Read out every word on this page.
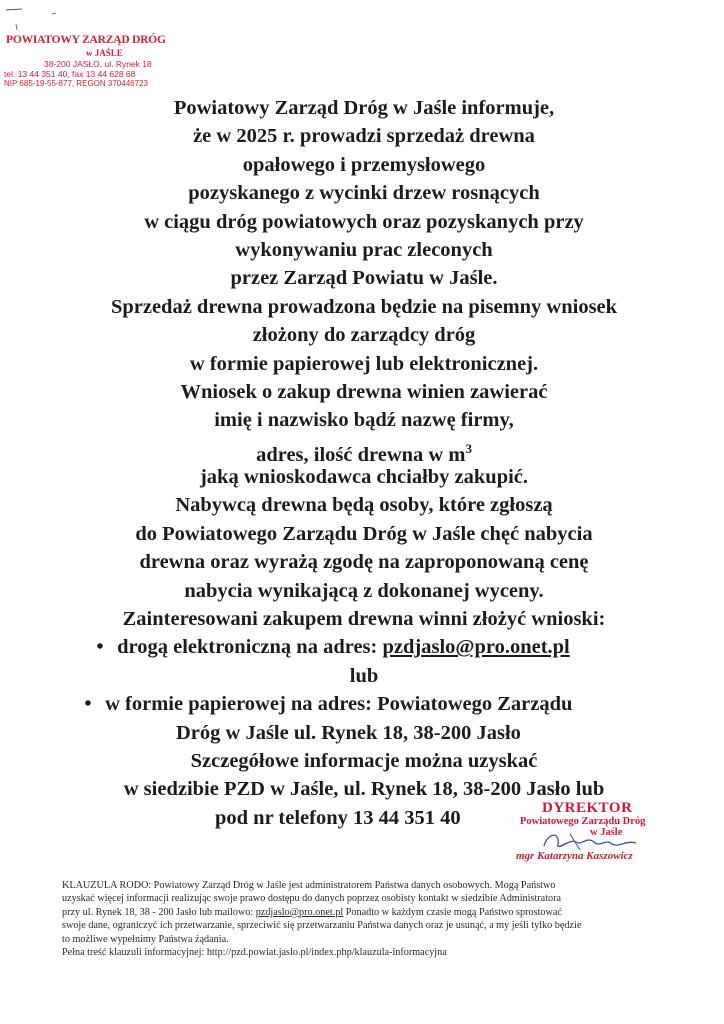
POWIATOWY ZARZĄD DRÓG
w JAŚLE
38-200 JASŁO, ul. Rynek 18
tel. 13 44 351 40, fax 13 44 628 68
NIP 685-19-55-877, REGON 370446723
Powiatowy Zarząd Dróg w Jaśle informuje,
że w 2025 r. prowadzi sprzedaż drewna
opałowego i przemysłowego
pozyskanego z wycinki drzew rosnących
w ciągu dróg powiatowych oraz pozyskanych przy
wykonywaniu prac zleconych
przez Zarząd Powiatu w Jaśle.
Sprzedaż drewna prowadzona będzie na pisemny wniosek
złożony do zarządcy dróg
w formie papierowej lub elektronicznej.
Wniosek o zakup drewna winien zawierać
imię i nazwisko bądź nazwę firmy,
adres, ilość drewna w $m^3$
jaką wnioskodawca chciałby zakupić.
Nabywcą drewna będą osoby, które zgłoszą
do Powiatowego Zarządu Dróg w Jaśle chęć nabycia
drewna oraz wyrażą zgodę na zaproponowaną cenę
nabycia wynikającą z dokonanej wyceny.
Zainteresowani zakupem drewna winni złożyć wnioski:
• drogą elektroniczną na adres: pzdjaslo@pro.onet.pl
lub
• w formie papierowej na adres: Powiatowego Zarządu
Dróg w Jaśle ul. Rynek 18, 38-200 Jasło
Szczegółowe informacje można uzyskać
w siedzibie PZD w Jaśle, ul. Rynek 18, 38-200 Jasło lub
pod nr telefony 13 44 351 40	DYREKTOR
Powiatowego Zarządu Dróg
w Jaśle
mgr Katarzyna Kaszowicz
KLAUZULA RODO: Powiatowy Zarząd Dróg w Jaśle jest administratorem Państwa danych osobowych. Mogą Państwo
uzyskać więcej informacji realizując swoje prawo dostępu do danych poprzez osobisty kontakt w siedzibie Administratora
przy ul. Rynek 18, 38 - 200 Jasło lub mailowo: pzdjaslo@pro.onet.pl Ponadto w każdym czasie mogą Państwo sprostować
swoje dane, ograniczyć ich przetwarzanie, sprzeciwić się przetwarzaniu Państwa danych oraz je usunąć, a my jeśli tylko będzie
to możliwe wypełnimy Państwa żądania.
Pełna treść klauzuli informacyjnej: http://pzd.powiat.jaslo.pl/index.php/klauzula-informacyjna
